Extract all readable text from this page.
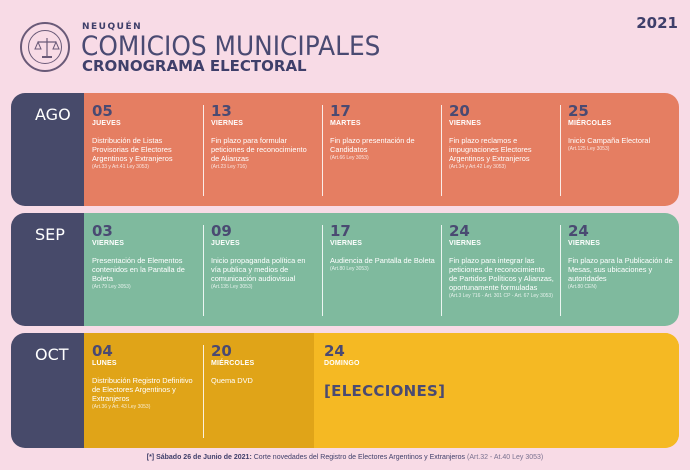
NEUQUÉN
COMICIOS MUNICIPALES
CRONOGRAMA ELECTORAL
2021
AGO	05
JUEVES
Distribución de Listas Provisorias de Electores Argentinos y Extranjeros
(Art.33 y Art.41 Ley 3053)
13
VIERNES
Fin plazo para formular peticiones de reconocimiento de Alianzas
(Art.23 Ley 716)
17
MARTES
Fin plazo presentación de Candidatos
(Art.66 Ley 3053)
20
VIERNES
Fin plazo reclamos e impugnaciones Electores Argentinos y Extranjeros
(Art.34 y Art.42 Ley 3053)
25
MIÉRCOLES
Inicio Campaña Electoral
(Art.125 Ley 3053)
SEP	03
VIERNES
Presentación de Elementos contenidos en la Pantalla de Boleta
(Art.79 Ley 3053)
09
JUEVES
Inicio propaganda política en vía publica y medios de comunicación audiovisual
(Art.135 Ley 3053)
17
VIERNES
Audiencia de Pantalla de Boleta
(Art.80 Ley 3053)
24
VIERNES
Fin plazo para integrar las peticiones de reconocimiento de Partidos Políticos y Alianzas, oportunamente formuladas
(Art.3 Ley 716 - Art. 301 CP - Art. 67 Ley 3053)
24
VIERNES
Fin plazo para la Publicación de Mesas, sus ubicaciones y autoridades
(Art.80 CEN)
OCT	04
LUNES
Distribución Registro Definitivo de Electores Argentinos y Extranjeros
(Art.36 y Art. 43 Ley 3053)
20
MIÉRCOLES
Quema DVD
24
DOMINGO
[ELECCIONES]
[*] Sábado 26 de Junio de 2021: Corte novedades del Registro de Electores Argentinos y Extranjeros (Art.32 - At.40 Ley 3053)
